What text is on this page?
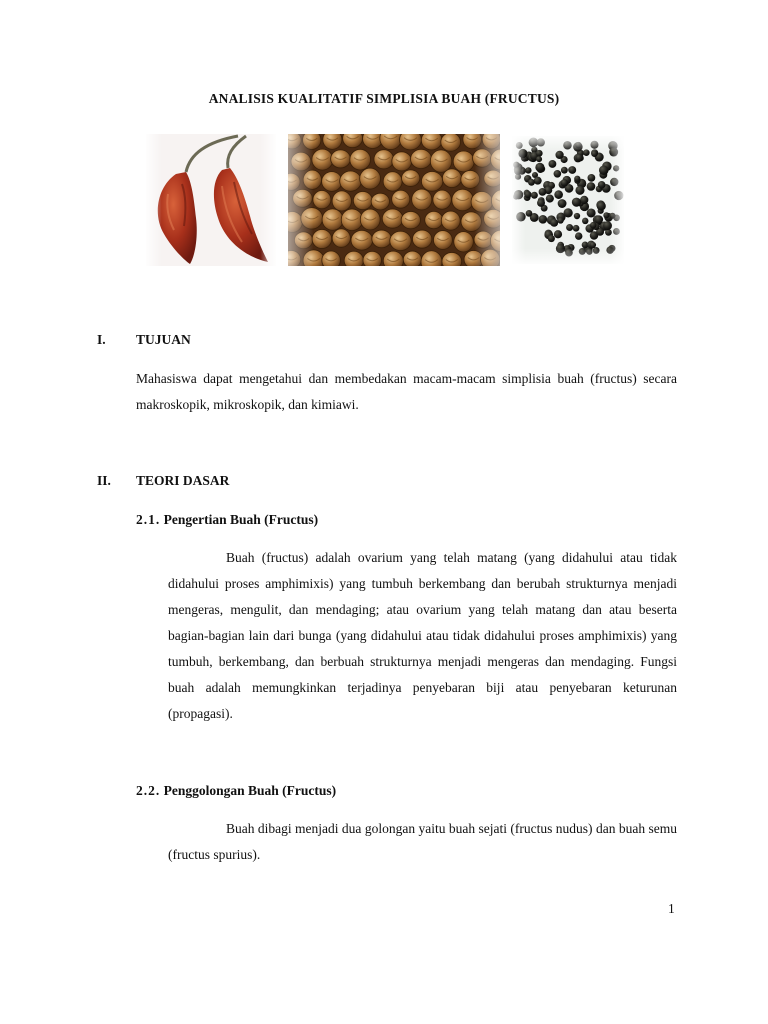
ANALISIS KUALITATIF SIMPLISIA BUAH (FRUCTUS)
I. TUJUAN
Mahasiswa dapat mengetahui dan membedakan macam-macam simplisia buah (fructus) secara makroskopik, mikroskopik, dan kimiawi.
II. TEORI DASAR
2.1. Pengertian Buah (Fructus)
Buah (fructus) adalah ovarium yang telah matang (yang didahului atau tidak didahului proses amphimixis) yang tumbuh berkembang dan berubah strukturnya menjadi mengeras, mengulit, dan mendaging; atau ovarium yang telah matang dan atau beserta bagian-bagian lain dari bunga (yang didahului atau tidak didahului proses amphimixis) yang tumbuh, berkembang, dan berbuah strukturnya menjadi mengeras dan mendaging. Fungsi buah adalah memungkinkan terjadinya penyebaran biji atau penyebaran keturunan (propagasi).
2.2. Penggolongan Buah (Fructus)
Buah dibagi menjadi dua golongan yaitu buah sejati (fructus nudus) dan buah semu (fructus spurius).
1
